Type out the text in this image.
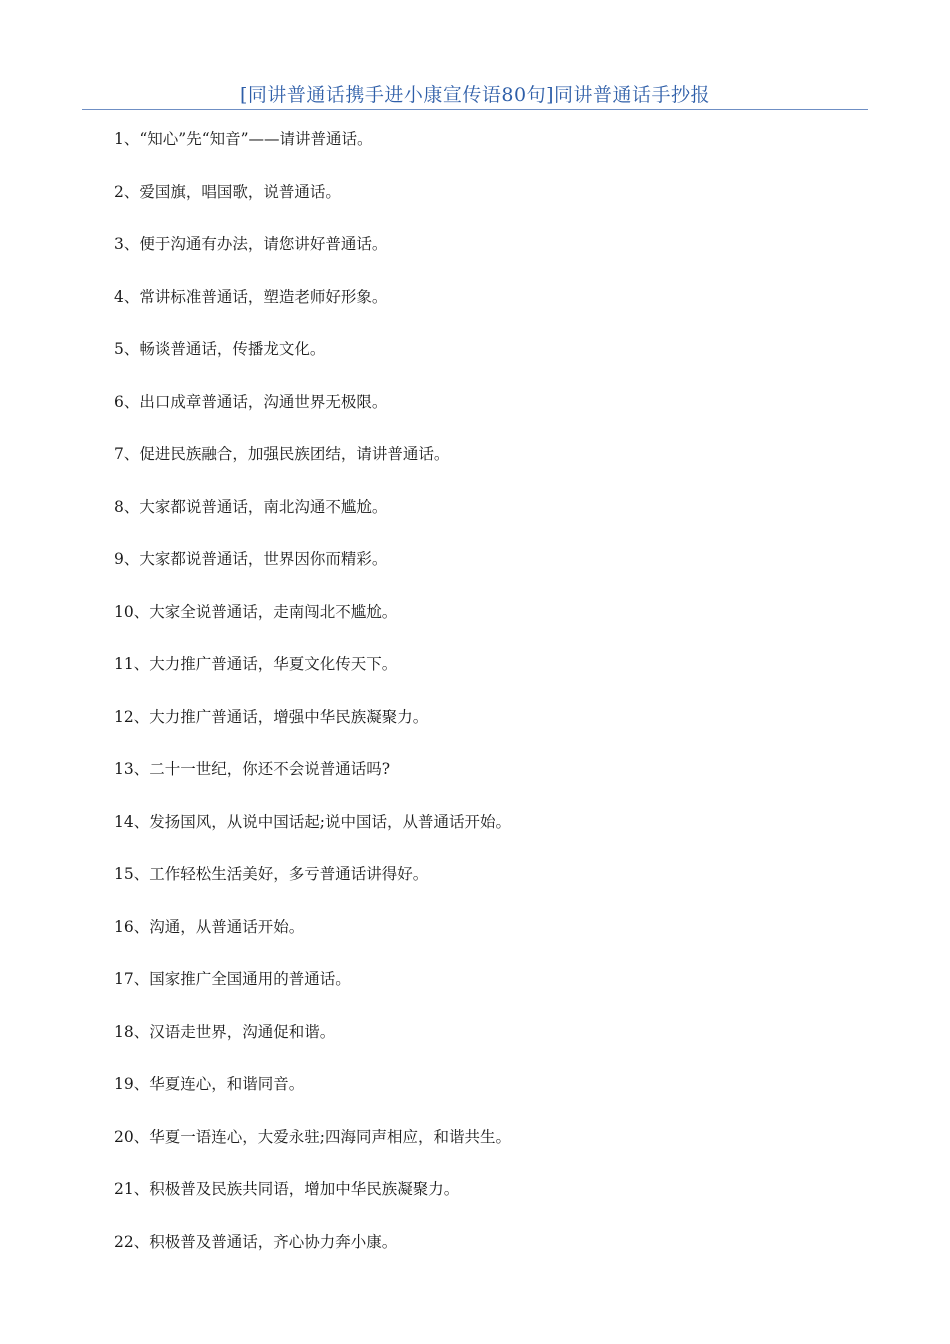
[同讲普通话携手进小康宣传语80句]同讲普通话手抄报
1、“知心”先“知音”——请讲普通话。
2、爱国旗，唱国歌，说普通话。
3、便于沟通有办法，请您讲好普通话。
4、常讲标准普通话，塑造老师好形象。
5、畅谈普通话，传播龙文化。
6、出口成章普通话，沟通世界无极限。
7、促进民族融合，加强民族团结，请讲普通话。
8、大家都说普通话，南北沟通不尴尬。
9、大家都说普通话，世界因你而精彩。
10、大家全说普通话，走南闯北不尴尬。
11、大力推广普通话，华夏文化传天下。
12、大力推广普通话，增强中华民族凝聚力。
13、二十一世纪，你还不会说普通话吗?
14、发扬国风，从说中国话起;说中国话，从普通话开始。
15、工作轻松生活美好，多亏普通话讲得好。
16、沟通，从普通话开始。
17、国家推广全国通用的普通话。
18、汉语走世界，沟通促和谐。
19、华夏连心，和谐同音。
20、华夏一语连心，大爱永驻;四海同声相应，和谐共生。
21、积极普及民族共同语，增加中华民族凝聚力。
22、积极普及普通话，齐心协力奔小康。
